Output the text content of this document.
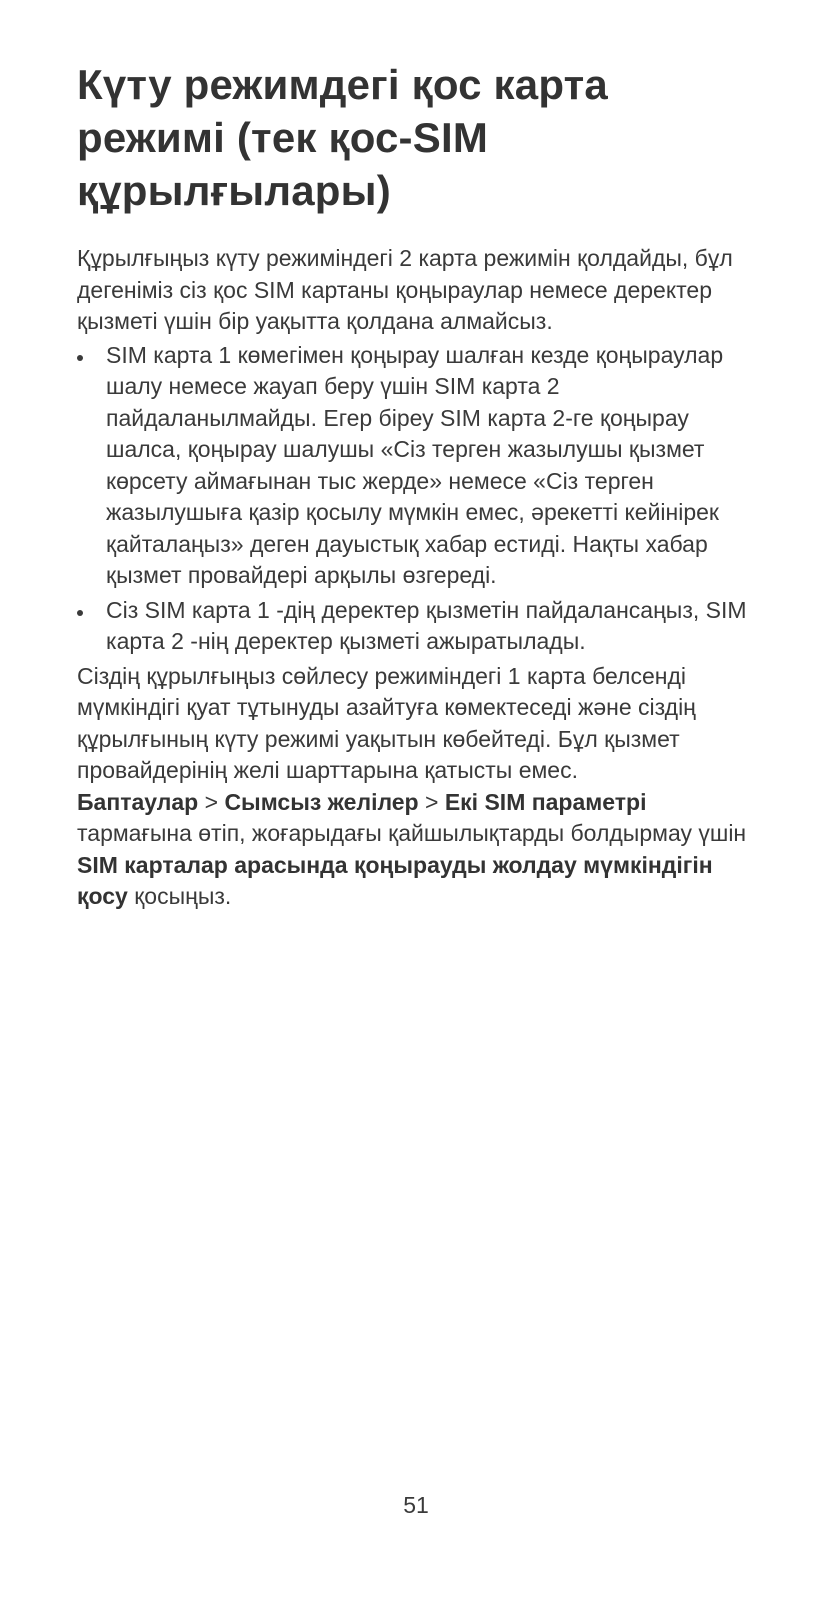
Күту режимдегі қос карта режимі (тек қос-SIM құрылғылары)

Құрылғыңыз күту режиміндегі 2 карта режимін қолдайды, бұл дегеніміз сіз қос SIM картаны қоңыраулар немесе деректер қызметі үшін бір уақытта қолдана алмайсыз.

SIM карта 1 көмегімен қоңырау шалған кезде қоңыраулар шалу немесе жауап беру үшін SIM карта 2 пайдаланылмайды. Егер біреу SIM карта 2-ге қоңырау шалса, қоңырау шалушы «Сіз терген жазылушы қызмет көрсету аймағынан тыс жерде» немесе «Сіз терген жазылушыға қазір қосылу мүмкін емес, әрекетті кейінірек қайталаңыз» деген дауыстық хабар естиді. Нақты хабар қызмет провайдері арқылы өзгереді.
Сіз SIM карта 1 -дің деректер қызметін пайдалансаңыз, SIM карта 2 -нің деректер қызметі ажыратылады.

Сіздің құрылғыңыз сөйлесу режиміндегі 1 карта белсенді мүмкіндігі қуат тұтынуды азайтуға көмектеседі және сіздің құрылғының күту режимі уақытын көбейтеді. Бұл қызмет провайдерінің желі шарттарына қатысты емес.

Баптаулар > Сымсыз желілер > Екі SIM параметрі тармағына өтіп, жоғарыдағы қайшылықтарды болдырмау үшін SIM карталар арасында қоңырауды жолдау мүмкіндігін қосу қосыңыз.

51
